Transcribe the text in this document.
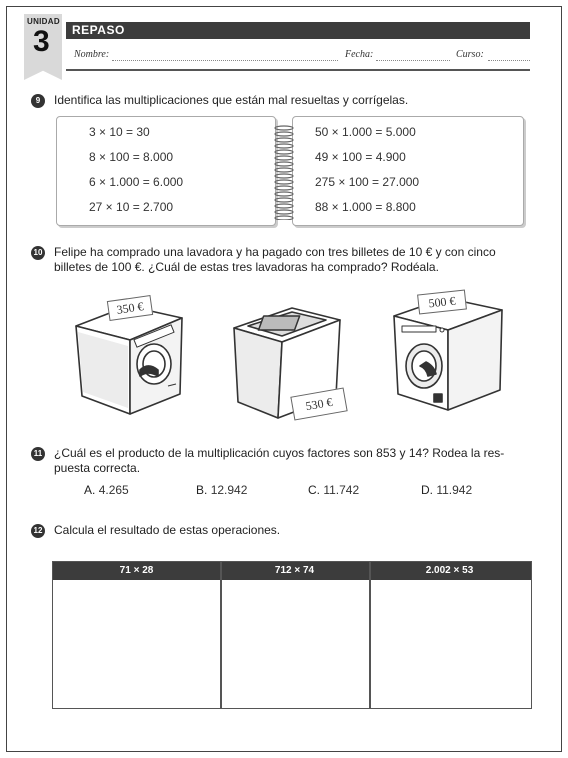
UNIDAD
3 REPASO
Nombre:	Fecha:	Curso:
9	Identifica las multiplicaciones que están mal resueltas y corrígelas.
3 × 10 = 30
8 × 100 = 8.000
6 × 1.000 = 6.000
27 × 10 = 2.700
50 × 1.000 = 5.000
49 × 100 = 4.900
275 × 100 = 27.000
88 × 1.000 = 8.800
10 Felipe ha comprado una lavadora y ha pagado con tres billetes de 10 € y con cinco
billetes de 100 €. ¿Cuál de estas tres lavadoras ha comprado? Rodéala.
350 €
530 €
500 €
11 ¿Cuál es el producto de la multiplicación cuyos factores son 853 y 14? Rodea la res-
puesta correcta.
A. 4.265	B. 12.942	C. 11.742	D. 11.942
12 Calcula el resultado de estas operaciones.
71 × 28	712 × 74	2.002 × 53
